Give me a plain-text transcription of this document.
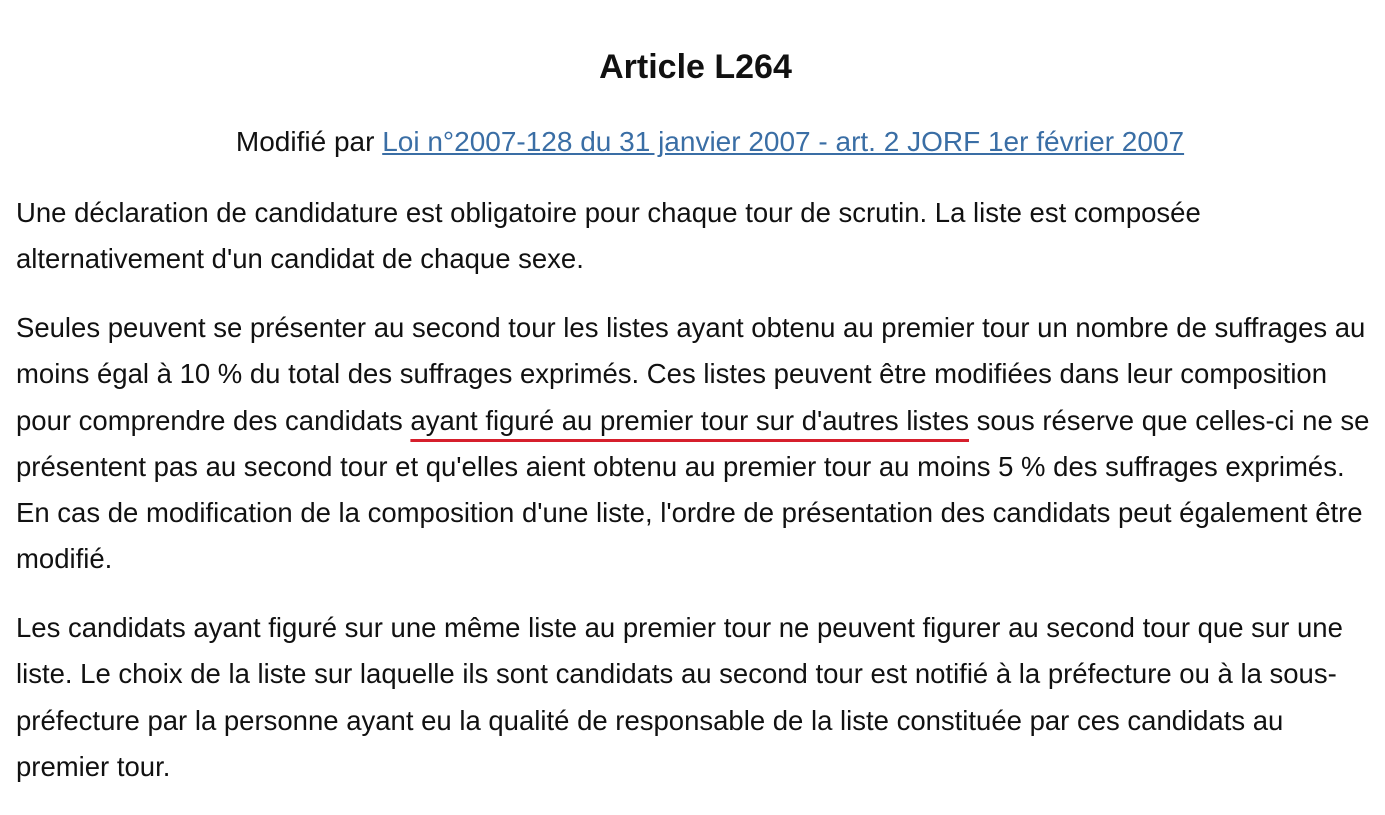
Article L264
Modifié par Loi n°2007-128 du 31 janvier 2007 - art. 2 JORF 1er février 2007

Une déclaration de candidature est obligatoire pour chaque tour de scrutin. La liste est composée alternativement d'un candidat de chaque sexe.

Seules peuvent se présenter au second tour les listes ayant obtenu au premier tour un nombre de suffrages au moins égal à 10 % du total des suffrages exprimés. Ces listes peuvent être modifiées dans leur composition pour comprendre des candidats ayant figuré au premier tour sur d'autres listes sous réserve que celles-ci ne se présentent pas au second tour et qu'elles aient obtenu au premier tour au moins 5 % des suffrages exprimés. En cas de modification de la composition d'une liste, l'ordre de présentation des candidats peut également être modifié.

Les candidats ayant figuré sur une même liste au premier tour ne peuvent figurer au second tour que sur une liste. Le choix de la liste sur laquelle ils sont candidats au second tour est notifié à la préfecture ou à la sous-préfecture par la personne ayant eu la qualité de responsable de la liste constituée par ces candidats au premier tour.
